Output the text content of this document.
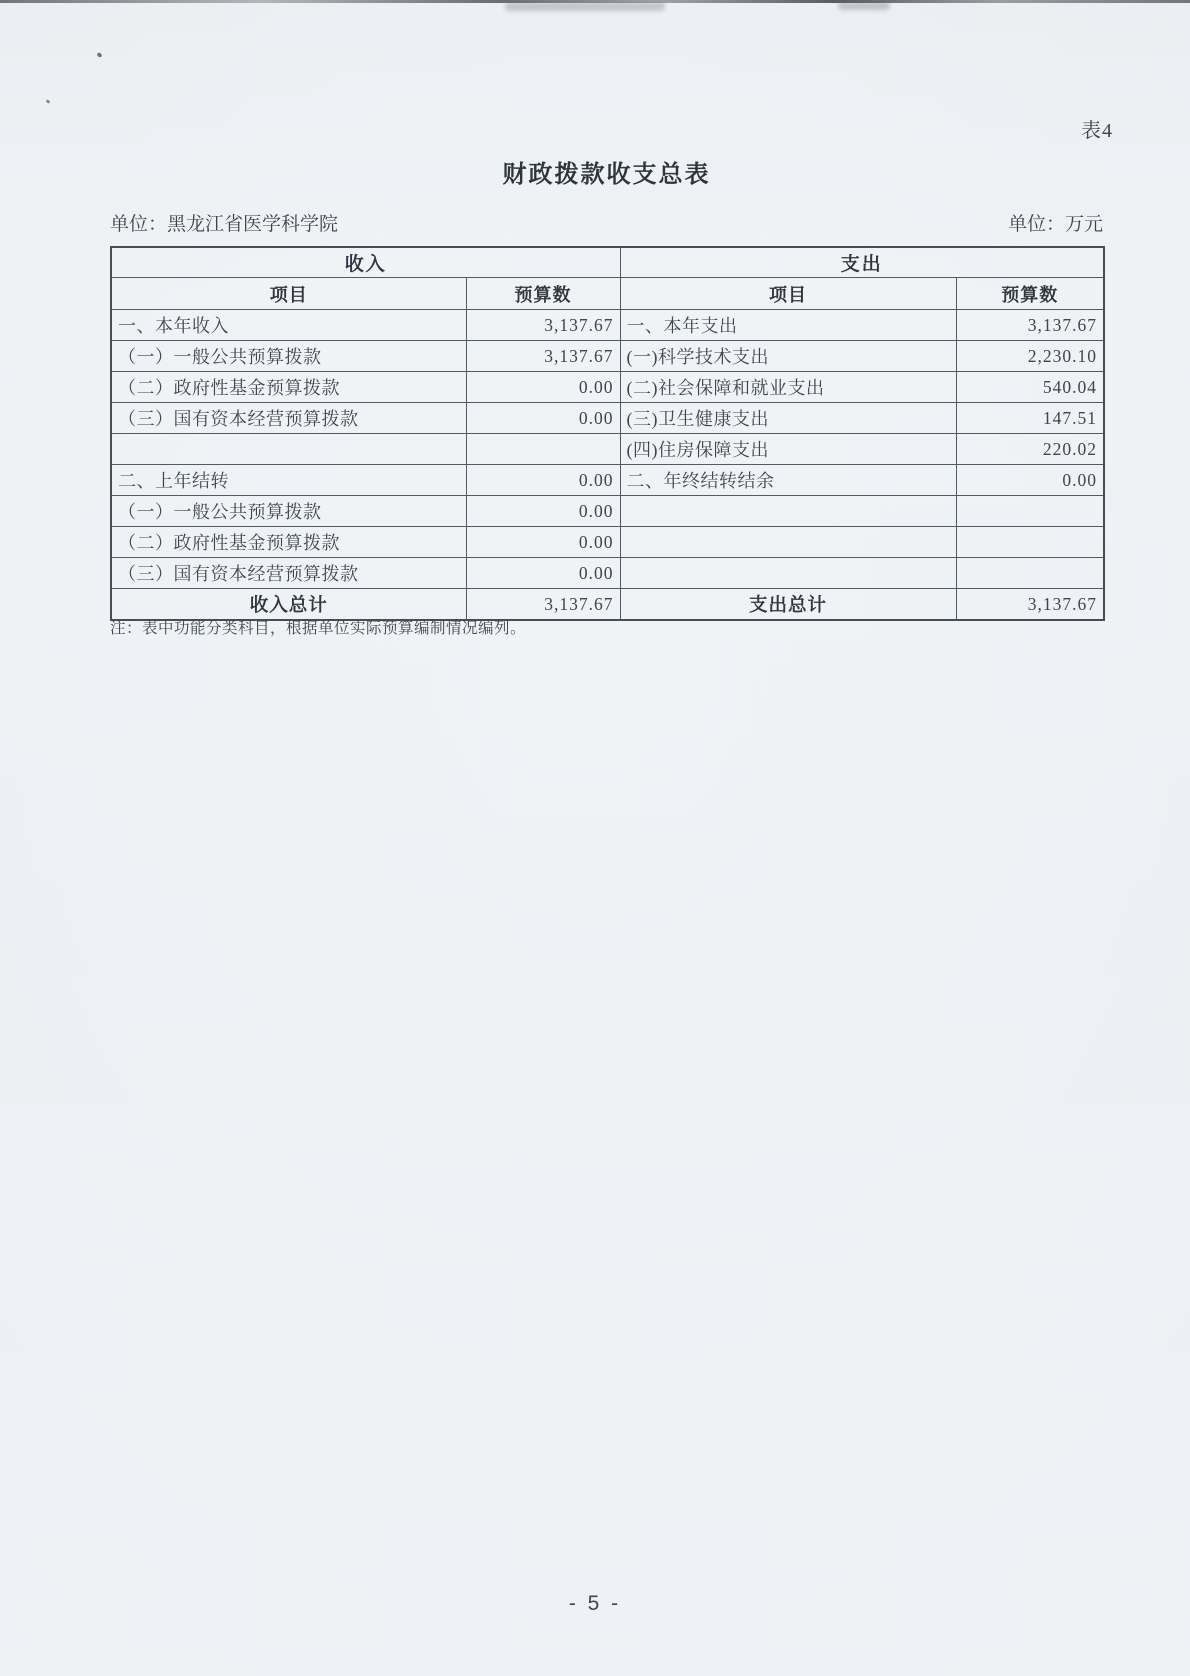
表4
财政拨款收支总表
单位：黑龙江省医学科学院	单位：万元
收入		支出	
项目	预算数	项目	预算数
一、本年收入	3,137.67	一、本年支出	3,137.67
（一）一般公共预算拨款	3,137.67	(一)科学技术支出	2,230.10
（二）政府性基金预算拨款	0.00	(二)社会保障和就业支出	540.04
（三）国有资本经营预算拨款	0.00	(三)卫生健康支出	147.51
		(四)住房保障支出	220.02
二、上年结转	0.00	二、年终结转结余	0.00
（一）一般公共预算拨款	0.00		
（二）政府性基金预算拨款	0.00		
（三）国有资本经营预算拨款	0.00		
收入总计	3,137.67	支出总计	3,137.67
注：表中功能分类科目，根据单位实际预算编制情况编列。
- 5 -
